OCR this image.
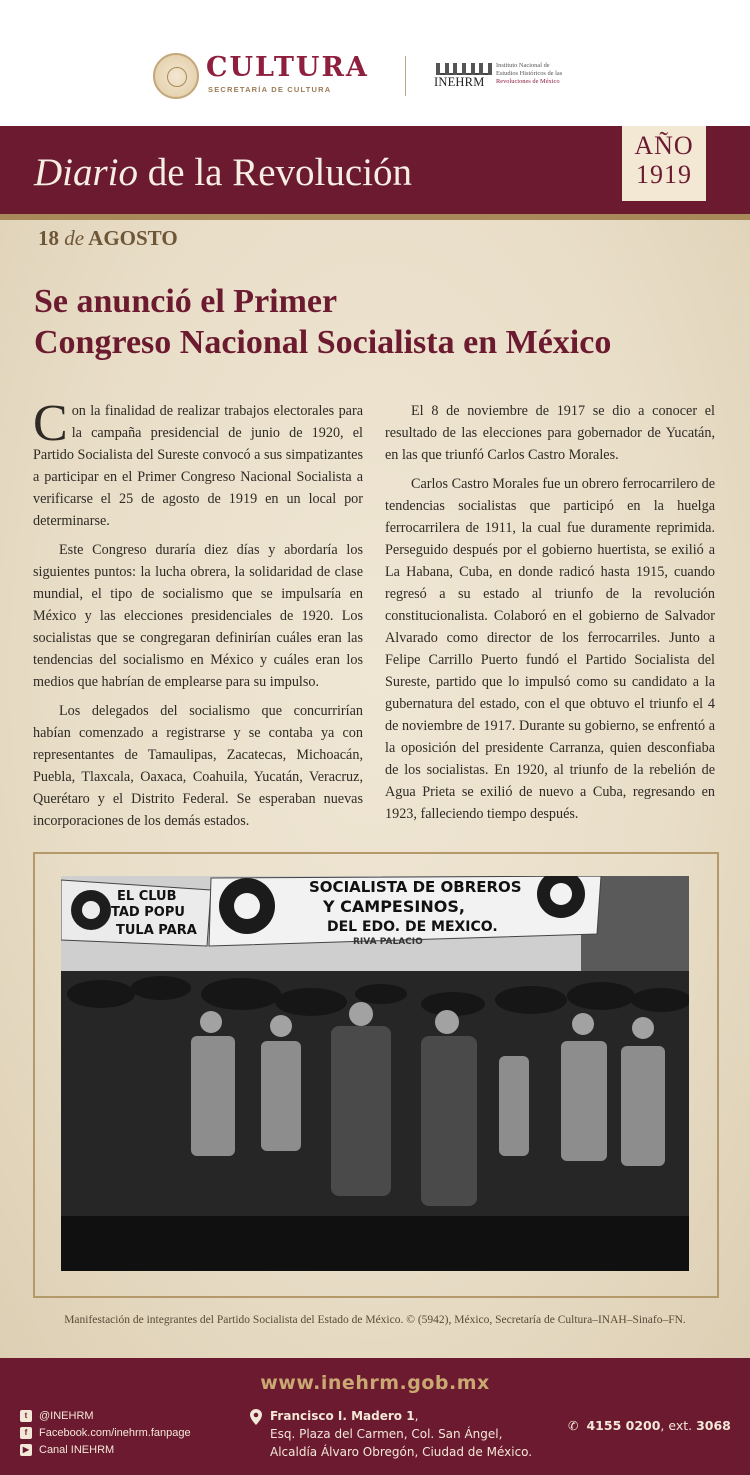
CULTURA
SECRETARÍA DE CULTURA
INEHRM
Instituto Nacional de
Estudios Históricos de las
Revoluciones de México
Diario de la Revolución
AÑO
1919
18 de AGOSTO
Se anunció el Primer
Congreso Nacional Socialista en México

Con la finalidad de realizar trabajos electorales para la campaña presidencial de junio de 1920, el Partido Socialista del Sureste convocó a sus simpatizantes a participar en el Primer Congreso Nacional Socialista a verificarse el 25 de agosto de 1919 en un local por determinarse.

Este Congreso duraría diez días y abordaría los siguientes puntos: la lucha obrera, la solidaridad de clase mundial, el tipo de socialismo que se impulsaría en México y las elecciones presidenciales de 1920. Los socialistas que se congregaran definirían cuáles eran las tendencias del socialismo en México y cuáles eran los medios que habrían de emplearse para su impulso.

Los delegados del socialismo que concurrirían habían comenzado a registrarse y se contaba ya con representantes de Tamaulipas, Zacatecas, Michoacán, Puebla, Tlaxcala, Oaxaca, Coahuila, Yucatán, Veracruz, Querétaro y el Distrito Federal. Se esperaban nuevas incorporaciones de los demás estados.

El 8 de noviembre de 1917 se dio a conocer el resultado de las elecciones para gobernador de Yucatán, en las que triunfó Carlos Castro Morales.

Carlos Castro Morales fue un obrero ferrocarrilero de tendencias socialistas que participó en la huelga ferrocarrilera de 1911, la cual fue duramente reprimida. Perseguido después por el gobierno huertista, se exilió a La Habana, Cuba, en donde radicó hasta 1915, cuando regresó a su estado al triunfo de la revolución constitucionalista. Colaboró en el gobierno de Salvador Alvarado como director de los ferrocarriles. Junto a Felipe Carrillo Puerto fundó el Partido Socialista del Sureste, partido que lo impulsó como su candidato a la gubernatura del estado, con el que obtuvo el triunfo el 4 de noviembre de 1917. Durante su gobierno, se enfrentó a la oposición del presidente Carranza, quien desconfiaba de los socialistas. En 1920, al triunfo de la rebelión de Agua Prieta se exilió de nuevo a Cuba, regresando en 1923, falleciendo tiempo después.

EL CLUB
TAD POPU
TULA PARA
SOCIALISTA DE OBREROS
Y CAMPESINOS,
DEL EDO. DE MEXICO.
RIVA PALACIO
Manifestación de integrantes del Partido Socialista del Estado de México. © (5942), México, Secretaría de Cultura–INAH–Sinafo–FN.
www.inehrm.gob.mx
t	@INEHRM
f	Facebook.com/inehrm.fanpage
▶ Canal INEHRM
Francisco I. Madero 1,
Esq. Plaza del Carmen, Col. San Ángel,
Alcaldía Álvaro Obregón, Ciudad de México.
✆ 4155 0200, ext. 3068
